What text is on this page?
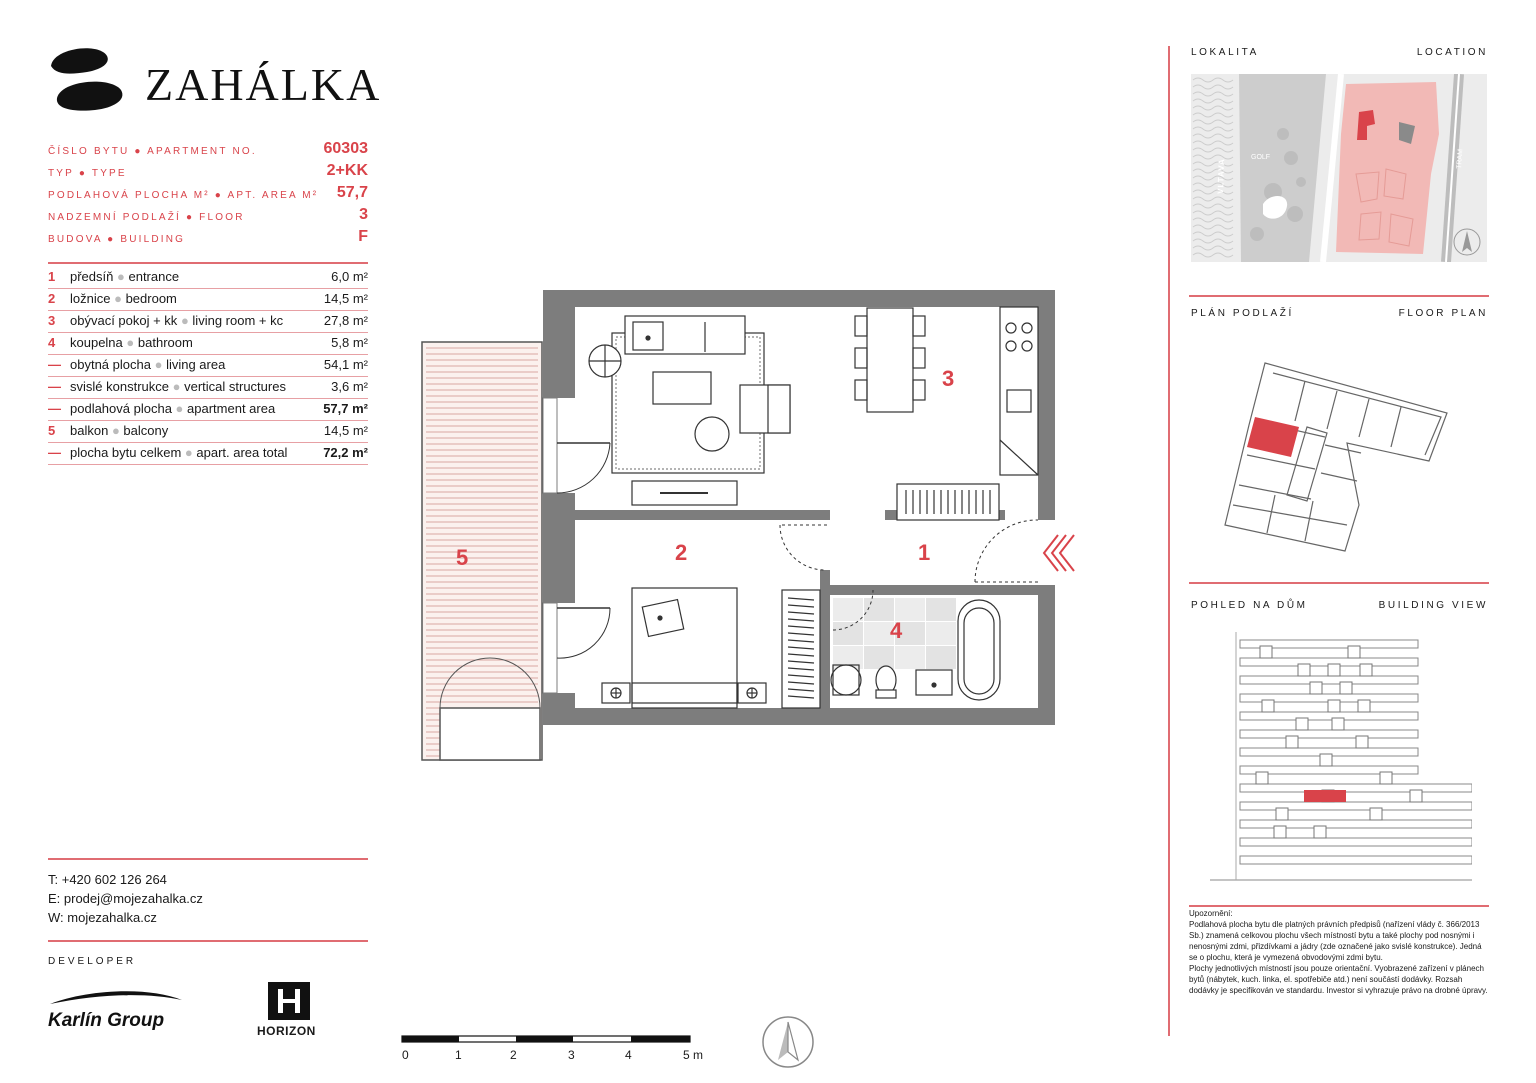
ZAHÁLKA
ČÍSLO BYTU ● APARTMENT NO.	60303
TYP ● TYPE	2+KK
PODLAHOVÁ PLOCHA M² ● APT. AREA M² 57,7
NADZEMNÍ PODLAŽÍ ● FLOOR	3
BUDOVA ● BUILDING	F
1	předsíň ● entrance	6,0 m²
2	ložnice ● bedroom	14,5 m²
3	obývací pokoj + kk ● living room + kc	27,8 m²
4	koupelna ● bathroom	5,8 m²
— obytná plocha ● living area	54,1 m²
— svislé konstrukce ● vertical structures	3,6 m²
— podlahová plocha ● apartment area	57,7 m²
5	balkon ● balcony	14,5 m²
— plocha bytu celkem ● apart. area total	72,2 m²
T: +420 602 126 264
E: prodej@mojezahalka.cz
W: mojezahalka.cz
DEVELOPER
Karlín Group	HORIZON
1
2
3
4
5
0	1	2	3	4	5 m
LOKALITA	LOCATION
VLTAVA
GOLF	TRAM
PLÁN PODLAŽÍ	FLOOR PLAN
POHLED NA DŮM	BUILDING VIEW
Upozornění:
Podlahová plocha bytu dle platných právních předpisů (nařízení vlády č. 366/2013 Sb.) znamená celkovou plochu všech místností bytu a také plochy pod nosnými i nenosnými zdmi, přizdívkami a jádry (zde označené jako svislé konstrukce). Jedná se o plochu, která je vymezená obvodovými zdmi bytu.
Plochy jednotlivých místností jsou pouze orientační. Vyobrazené zařízení v plánech bytů (nábytek, kuch. linka, el. spotřebiče atd.) není součástí dodávky. Rozsah dodávky je specifikován ve standardu. Investor si vyhrazuje právo na drobné úpravy.
